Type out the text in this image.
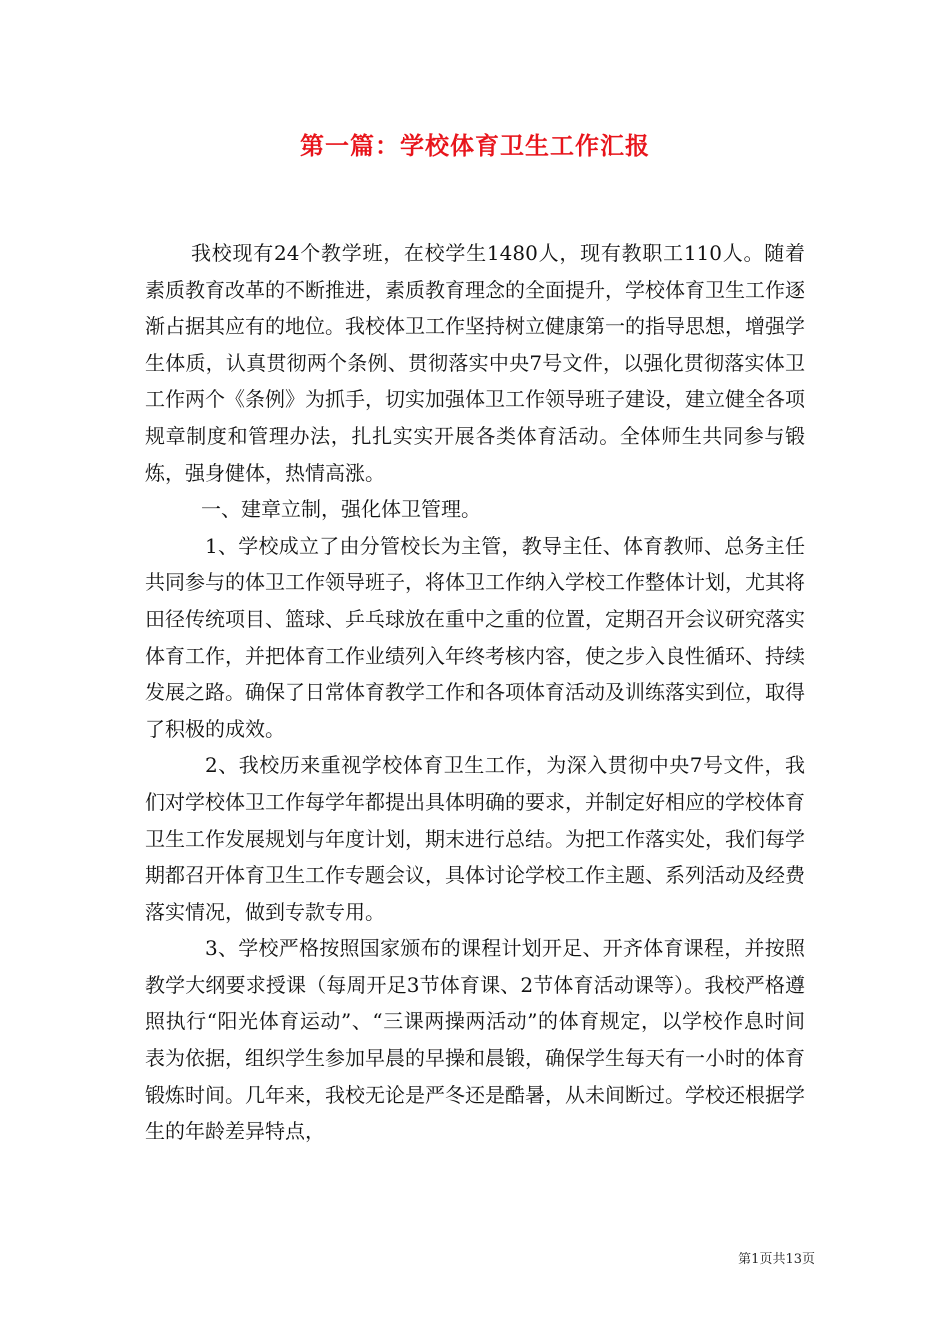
第一篇：学校体育卫生工作汇报

我校现有24个教学班，在校学生1480人，现有教职工110人。随着素质教育改革的不断推进，素质教育理念的全面提升，学校体育卫生工作逐渐占据其应有的地位。我校体卫工作坚持树立健康第一的指导思想，增强学生体质，认真贯彻两个条例、贯彻落实中央7号文件，以强化贯彻落实体卫工作两个《条例》为抓手，切实加强体卫工作领导班子建设，建立健全各项规章制度和管理办法，扎扎实实开展各类体育活动。全体师生共同参与锻炼，强身健体，热情高涨。

一、建章立制，强化体卫管理。

1、学校成立了由分管校长为主管，教导主任、体育教师、总务主任共同参与的体卫工作领导班子，将体卫工作纳入学校工作整体计划，尤其将田径传统项目、篮球、乒乓球放在重中之重的位置，定期召开会议研究落实体育工作，并把体育工作业绩列入年终考核内容，使之步入良性循环、持续发展之路。确保了日常体育教学工作和各项体育活动及训练落实到位，取得了积极的成效。

2、我校历来重视学校体育卫生工作，为深入贯彻中央7号文件，我们对学校体卫工作每学年都提出具体明确的要求，并制定好相应的学校体育卫生工作发展规划与年度计划，期末进行总结。为把工作落实处，我们每学期都召开体育卫生工作专题会议，具体讨论学校工作主题、系列活动及经费落实情况，做到专款专用。

3、学校严格按照国家颁布的课程计划开足、开齐体育课程，并按照教学大纲要求授课（每周开足3节体育课、2节体育活动课等）。我校严格遵照执行“阳光体育运动”、“三课两操两活动”的体育规定，以学校作息时间表为依据，组织学生参加早晨的早操和晨锻，确保学生每天有一小时的体育锻炼时间。几年来，我校无论是严冬还是酷暑，从未间断过。学校还根据学生的年龄差异特点，

第1页共13页
